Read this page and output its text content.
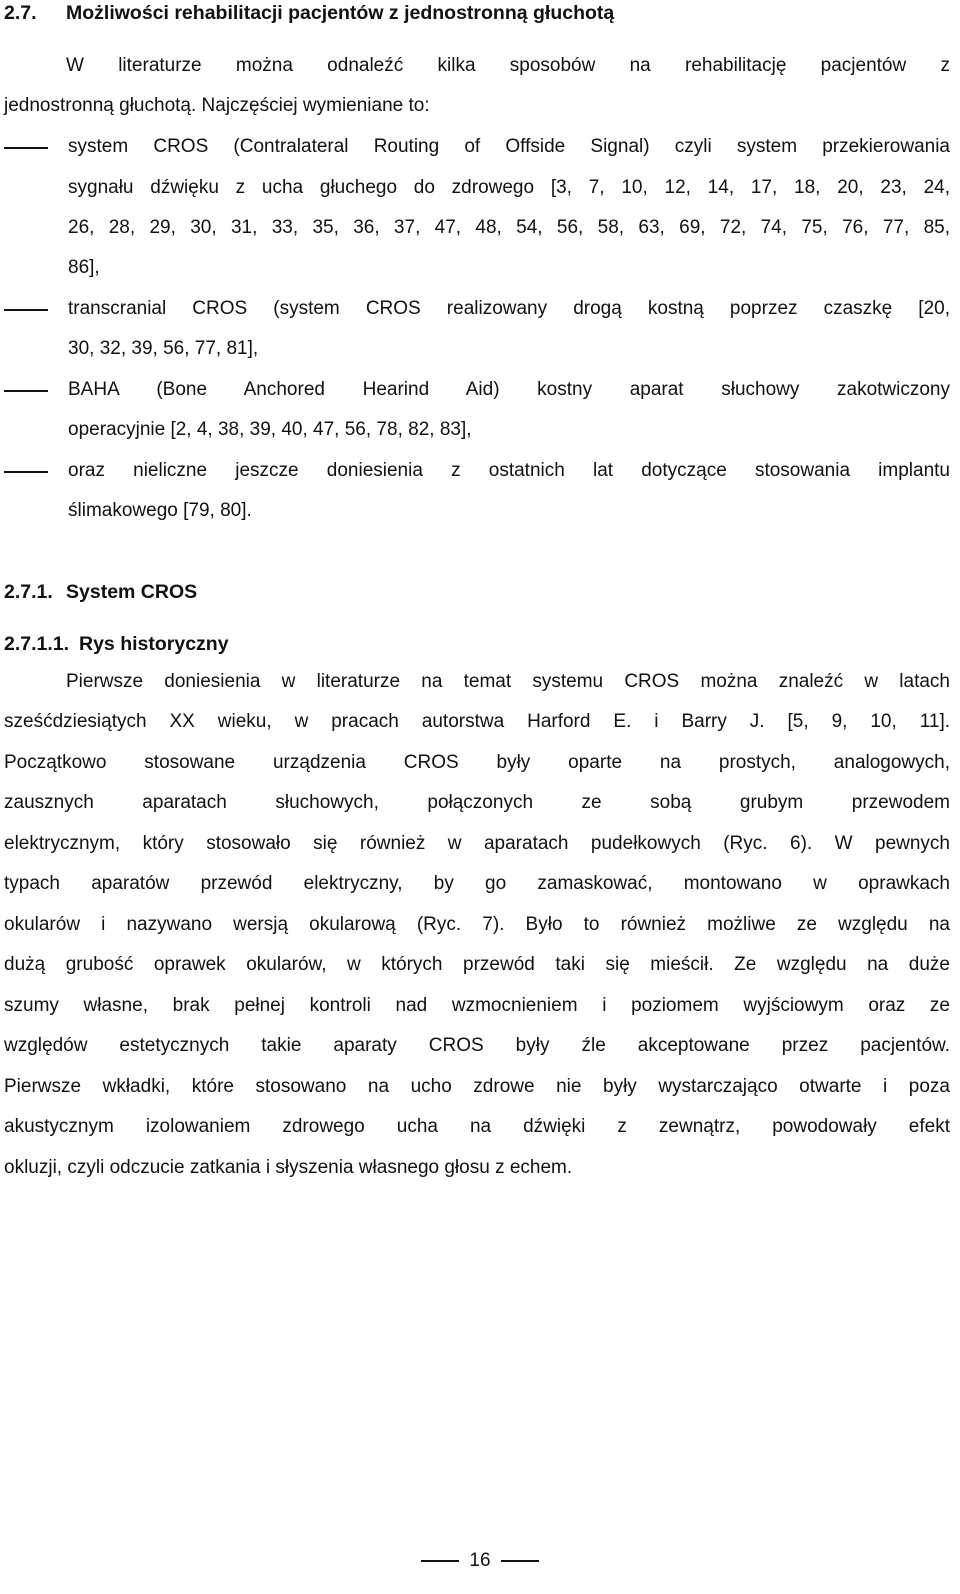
2.7. Możliwości rehabilitacji pacjentów z jednostronną głuchotą
W literaturze można odnaleźć kilka sposobów na rehabilitację pacjentów z
jednostronną głuchotą. Najczęściej wymieniane to:
system CROS (Contralateral Routing of Offside Signal) czyli system przekierowania
sygnału dźwięku z ucha głuchego do zdrowego [3, 7, 10, 12, 14, 17, 18, 20, 23, 24,
26, 28, 29, 30, 31, 33, 35, 36, 37, 47, 48, 54, 56, 58, 63, 69, 72, 74, 75, 76, 77, 85,
86],
transcranial CROS (system CROS realizowany drogą kostną poprzez czaszkę [20,
30, 32, 39, 56, 77, 81],
BAHA (Bone Anchored Hearind Aid) kostny aparat słuchowy zakotwiczony
operacyjnie [2, 4, 38, 39, 40, 47, 56, 78, 82, 83],
oraz nieliczne jeszcze doniesienia z ostatnich lat dotyczące stosowania implantu
ślimakowego [79, 80].
2.7.1. System CROS
2.7.1.1. Rys historyczny
Pierwsze doniesienia w literaturze na temat systemu CROS można znaleźć w latach
sześćdziesiątych XX wieku, w pracach autorstwa Harford E. i Barry J. [5, 9, 10, 11].
Początkowo stosowane urządzenia CROS były oparte na prostych, analogowych,
zausznych aparatach słuchowych, połączonych ze sobą grubym przewodem
elektrycznym, który stosowało się również w aparatach pudełkowych (Ryc. 6). W pewnych
typach aparatów przewód elektryczny, by go zamaskować, montowano w oprawkach
okularów i nazywano wersją okularową (Ryc. 7). Było to również możliwe ze względu na
dużą grubość oprawek okularów, w których przewód taki się mieścił. Ze względu na duże
szumy własne, brak pełnej kontroli nad wzmocnieniem i poziomem wyjściowym oraz ze
względów estetycznych takie aparaty CROS były źle akceptowane przez pacjentów.
Pierwsze wkładki, które stosowano na ucho zdrowe nie były wystarczająco otwarte i poza
akustycznym izolowaniem zdrowego ucha na dźwięki z zewnątrz, powodowały efekt
okluzji, czyli odczucie zatkania i słyszenia własnego głosu z echem.
16
